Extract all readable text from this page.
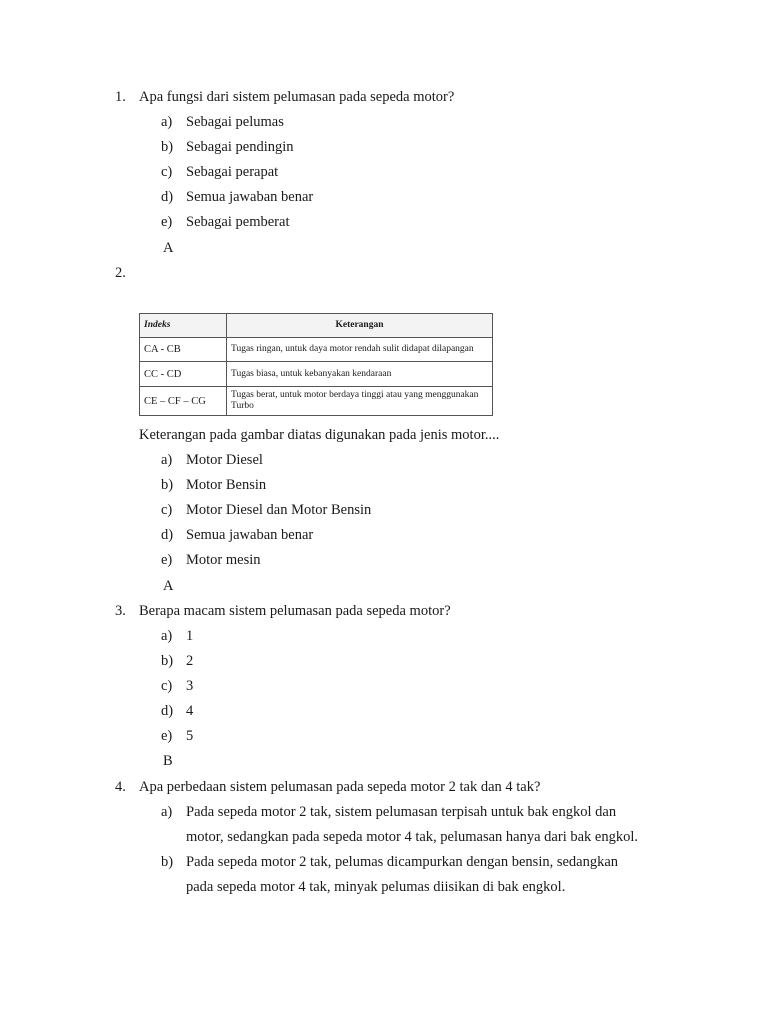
1. Apa fungsi dari sistem pelumasan pada sepeda motor?
a) Sebagai pelumas
b) Sebagai pendingin
c) Sebagai perapat
d) Semua jawaban benar
e) Sebagai pemberat
A
2.
Indeks	Keterangan
CA - CB	Tugas ringan, untuk daya motor rendah sulit didapat dilapangan
CC - CD	Tugas biasa, untuk kebanyakan kendaraan
CE – CF – CG	Tugas berat, untuk motor berdaya tinggi atau yang menggunakan Turbo
Keterangan pada gambar diatas digunakan pada jenis motor....
a) Motor Diesel
b) Motor Bensin
c) Motor Diesel dan Motor Bensin
d) Semua jawaban benar
e) Motor mesin
A
3. Berapa macam sistem pelumasan pada sepeda motor?
a) 1
b) 2
c) 3
d) 4
e) 5
B
4. Apa perbedaan sistem pelumasan pada sepeda motor 2 tak dan 4 tak?
a) Pada sepeda motor 2 tak, sistem pelumasan terpisah untuk bak engkol dan
motor, sedangkan pada sepeda motor 4 tak, pelumasan hanya dari bak engkol.
b) Pada sepeda motor 2 tak, pelumas dicampurkan dengan bensin, sedangkan
pada sepeda motor 4 tak, minyak pelumas diisikan di bak engkol.
